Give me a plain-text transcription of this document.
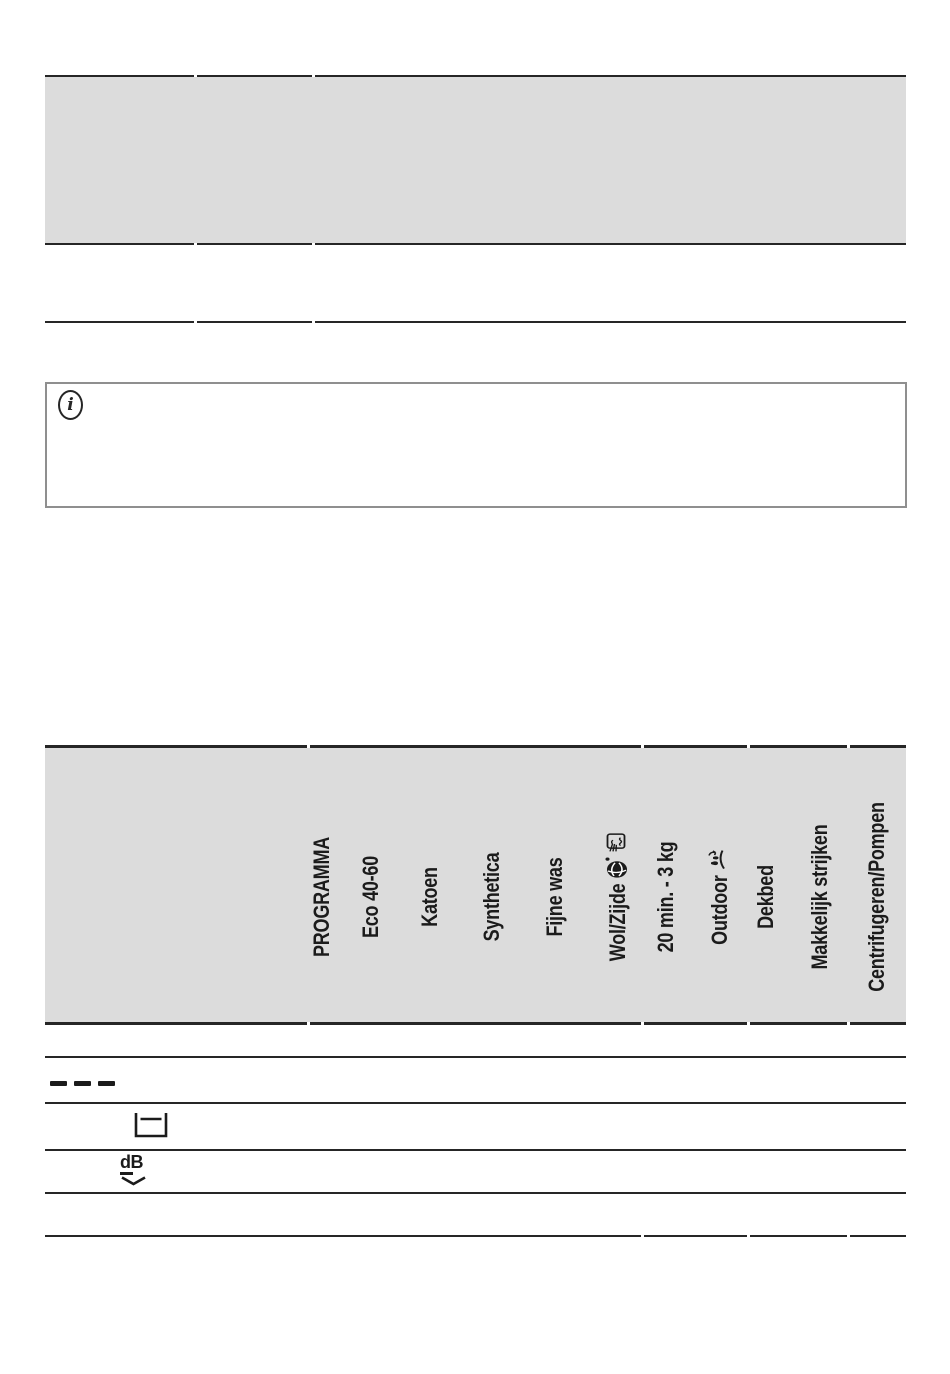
i
PROGRAMMA Eco 40-60 Katoen Synthetica Fijne was Wol/Zijde 20 min. - 3 kg Outdoor Dekbed Makkelijk strijken Centrifugeren/Pompen
dB
